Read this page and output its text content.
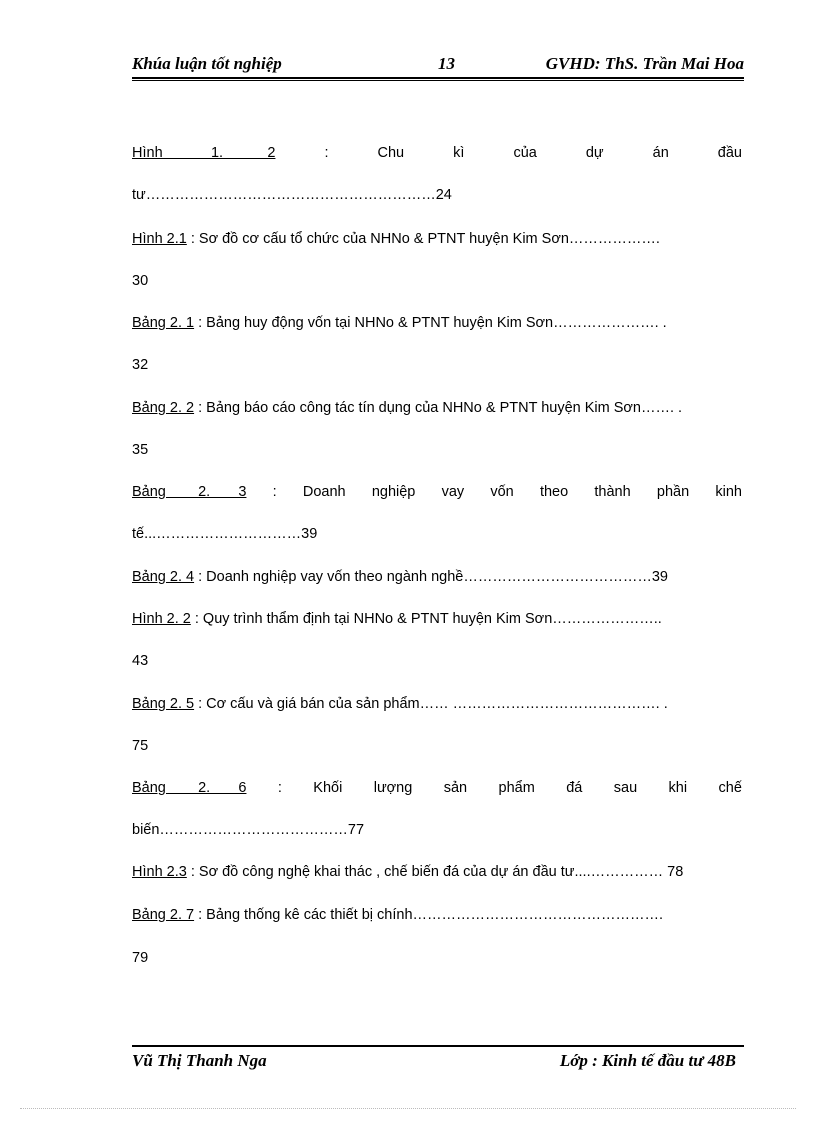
Khúa luận tốt nghiệp	13	GVHD: ThS. Trần Mai Hoa
Hình            1.           2	:	Chu	kì	của	dự	án	đầu
tư……………………………………………………24
Hình 2.1 : Sơ đồ cơ cấu tổ chức của NHNo & PTNT huyện Kim Sơn……………….
30
Bảng 2. 1 : Bảng huy động vốn tại NHNo & PTNT huyện Kim Sơn…………………. .
32
Bảng 2. 2 : Bảng báo cáo công tác tín dụng của NHNo & PTNT huyện Kim Sơn……. .
35
Bảng        2.       3 : Doanh nghiệp vay vốn theo thành phần kinh
tế...…………………………39
Bảng 2. 4 : Doanh nghiệp vay vốn theo ngành nghề…………………………………39
Hình 2. 2 : Quy trình thẩm định tại NHNo & PTNT huyện Kim Sơn…………………..
43
Bảng 2. 5 : Cơ cấu và giá bán của sản phẩm…… ……………………………………. .
75
Bảng        2.       6 : Khối lượng sản phẩm đá sau khi chế
biến…………………………………77
Hình 2.3 : Sơ đồ công nghệ khai thác , chế biến đá của dự án đầu tư....…………… 78
Bảng 2. 7 : Bảng thống kê các thiết bị chính…………………………………………….
79
Vũ Thị Thanh Nga	Lớp : Kinh tế đầu tư 48B
